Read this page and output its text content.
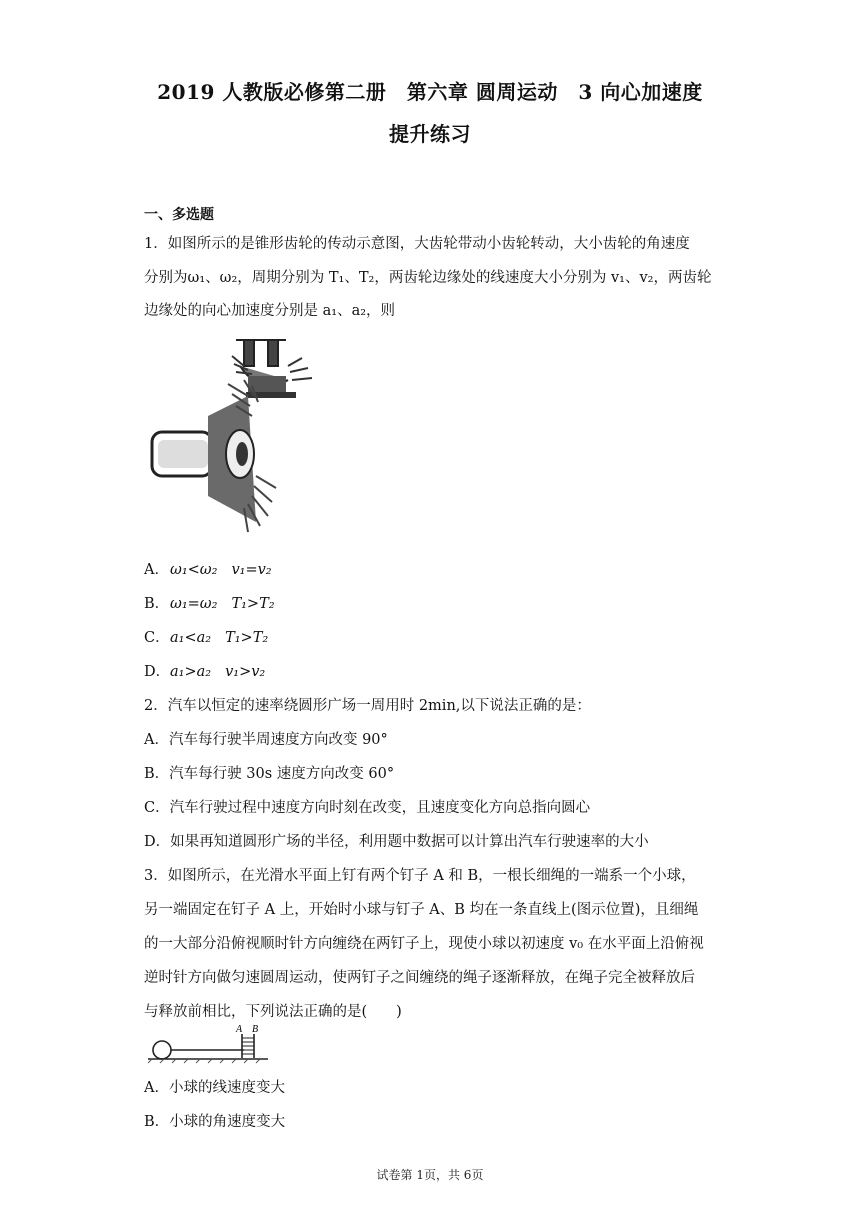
2019 人教版必修第二册　第六章 圆周运动　3 向心加速度
提升练习
一、多选题
1．如图所示的是锥形齿轮的传动示意图，大齿轮带动小齿轮转动，大小齿轮的角速度
分别为ω₁、ω₂，周期分别为 T₁、T₂，两齿轮边缘处的线速度大小分别为 v₁、v₂，两齿轮
边缘处的向心加速度分别是 a₁、a₂，则
A．ω₁<ω₂ v₁=v₂
B．ω₁=ω₂ T₁>T₂
C．a₁<a₂ T₁>T₂
D．a₁>a₂ v₁>v₂
2．汽车以恒定的速率绕圆形广场一周用时 2min,以下说法正确的是：
A．汽车每行驶半周速度方向改变 90°
B．汽车每行驶 30s 速度方向改变 60°
C．汽车行驶过程中速度方向时刻在改变，且速度变化方向总指向圆心
D．如果再知道圆形广场的半径，利用题中数据可以计算出汽车行驶速率的大小
3．如图所示，在光滑水平面上钉有两个钉子 A 和 B，一根长细绳的一端系一个小球，
另一端固定在钉子 A 上，开始时小球与钉子 A、B 均在一条直线上(图示位置)，且细绳
的一大部分沿俯视顺时针方向缠绕在两钉子上，现使小球以初速度 v₀ 在水平面上沿俯视
逆时针方向做匀速圆周运动，使两钉子之间缠绕的绳子逐渐释放，在绳子完全被释放后
与释放前相比，下列说法正确的是(　　)
A B
A．小球的线速度变大
B．小球的角速度变大
试卷第 1页，共 6页
